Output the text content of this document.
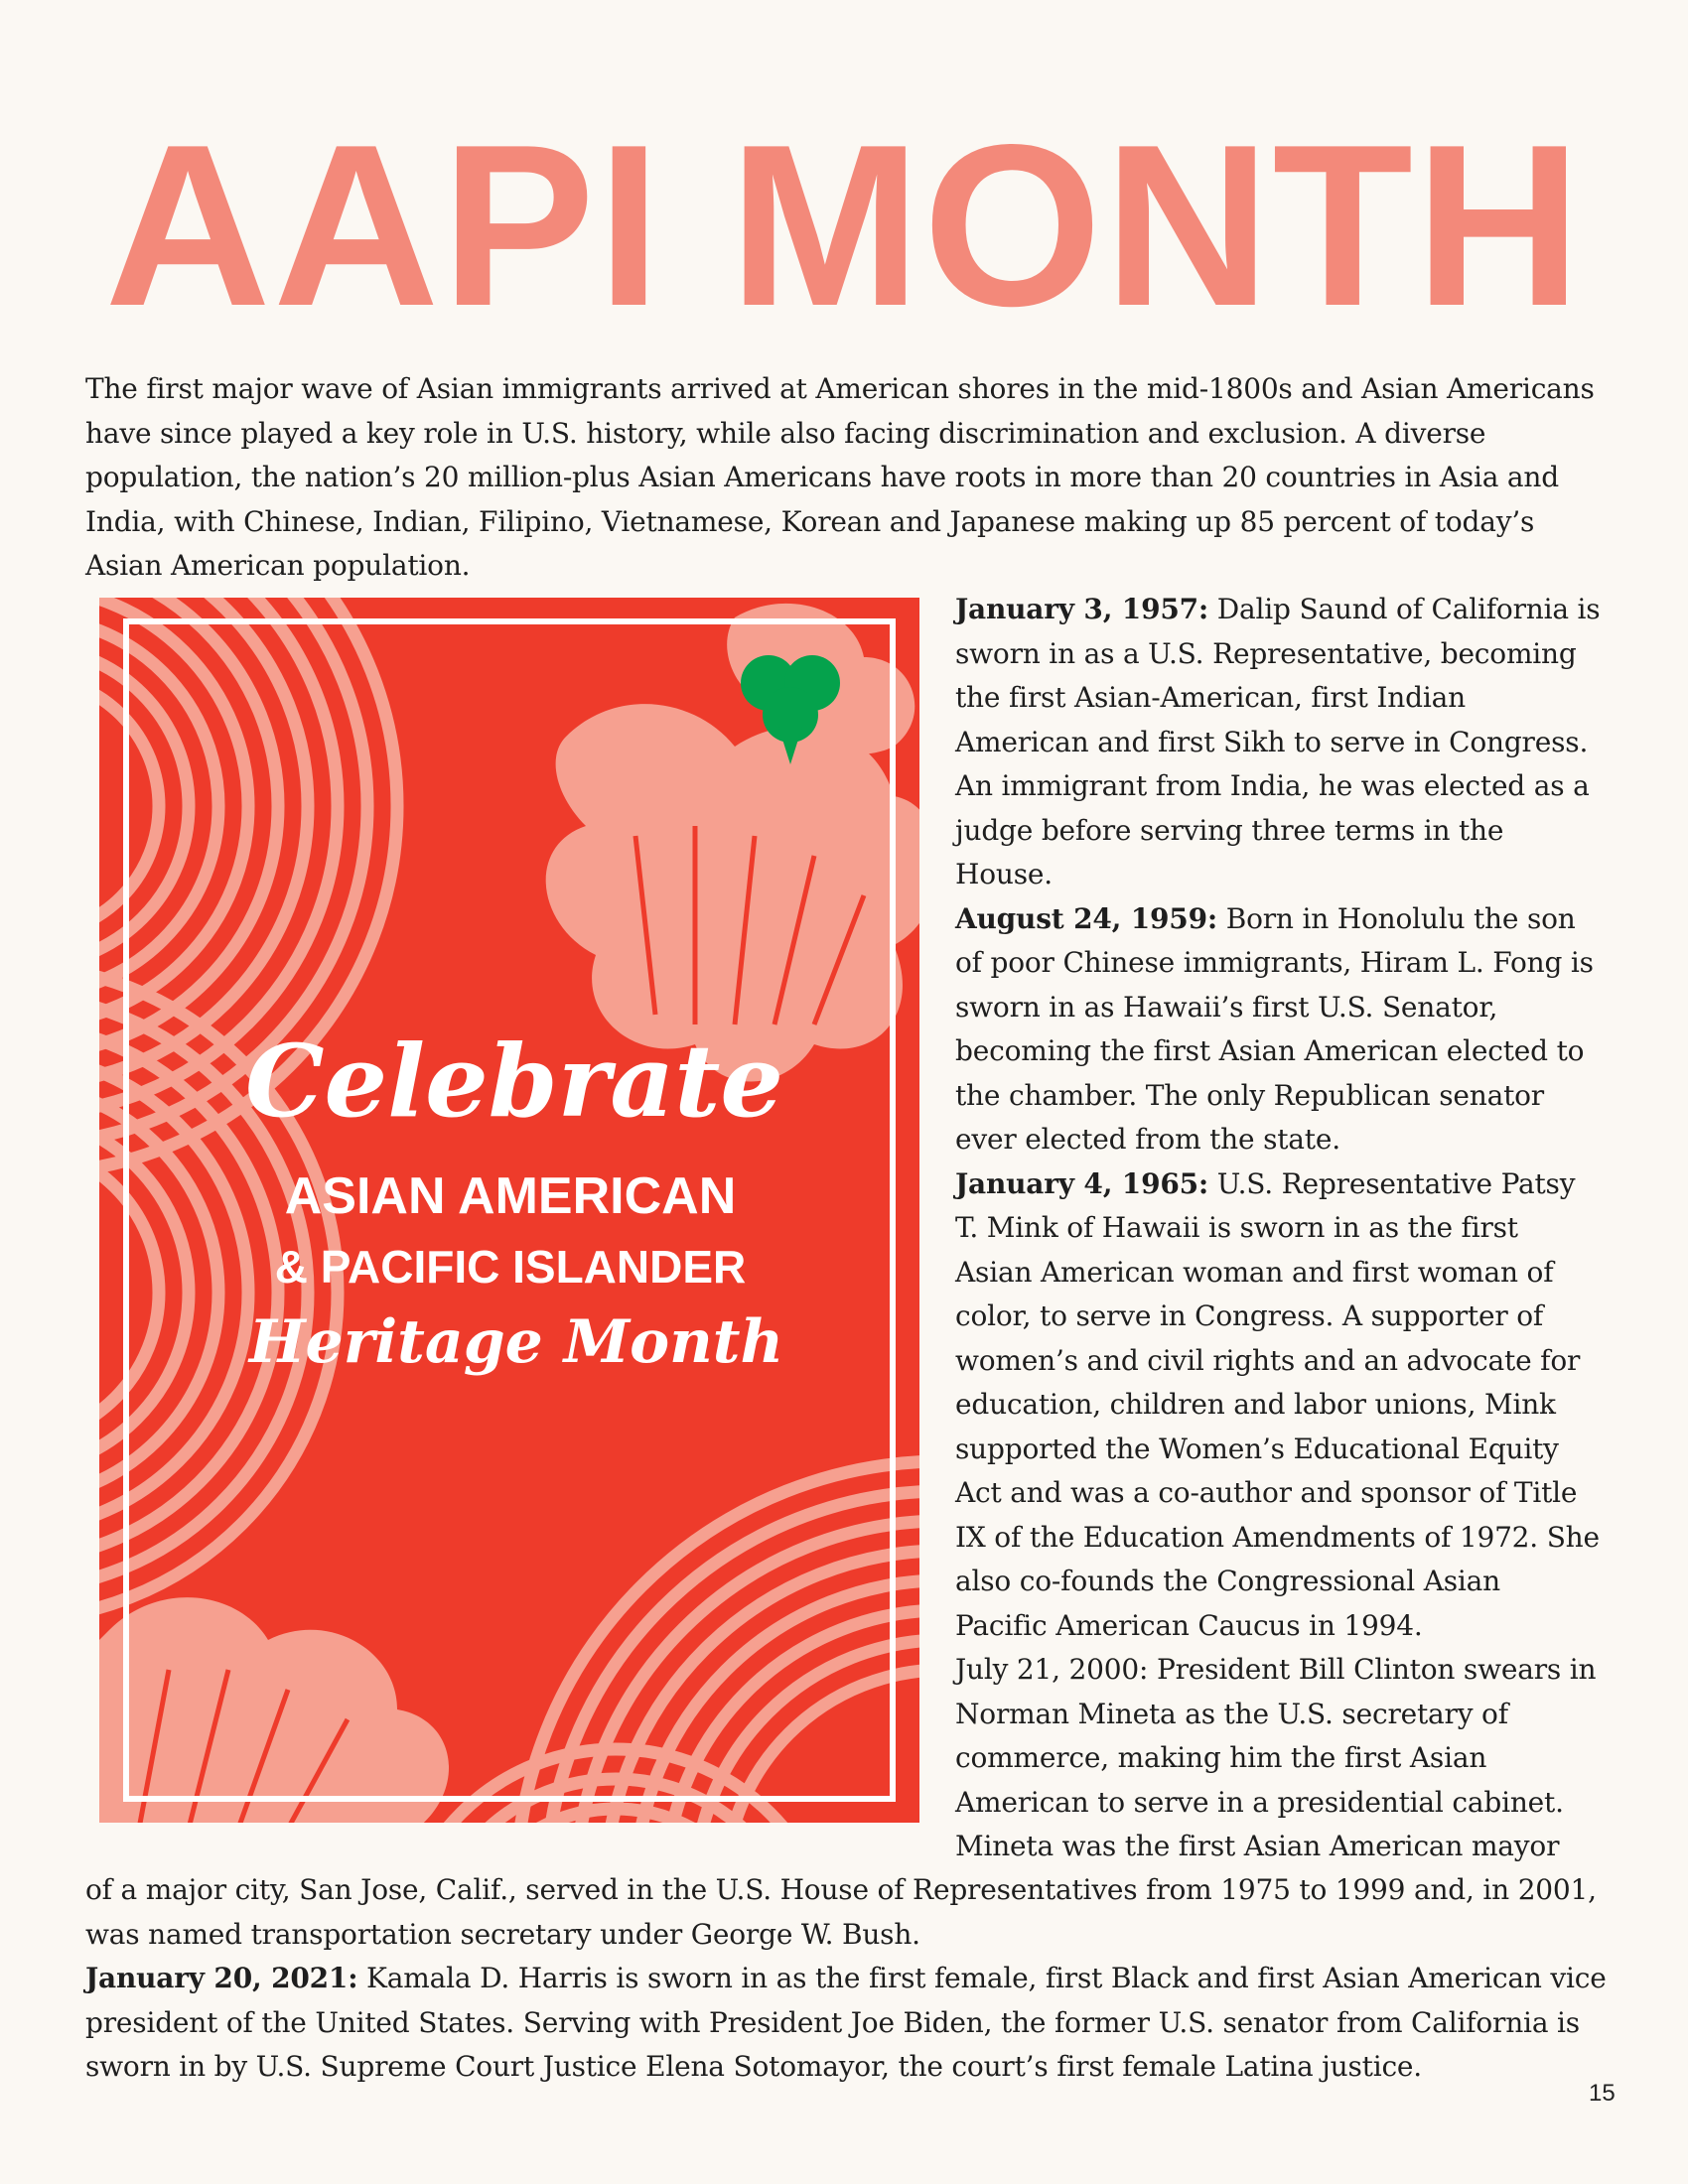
AAPI MONTH

The first major wave of Asian immigrants arrived at American shores in the mid-1800s and Asian Americans have since played a key role in U.S. history, while also facing discrimination and exclusion. A diverse population, the nation’s 20 million-plus Asian Americans have roots in more than 20 countries in Asia and India, with Chinese, Indian, Filipino, Vietnamese, Korean and Japanese making up 85 percent of today’s Asian American population.

Celebrate
ASIAN AMERICAN
& PACIFIC ISLANDER
Heritage Month

January 3, 1957: Dalip Saund of California is sworn in as a U.S. Representative, becoming the first Asian-American, first Indian American and first Sikh to serve in Congress. An immigrant from India, he was elected as a judge before serving three terms in the House.
August 24, 1959: Born in Honolulu the son of poor Chinese immigrants, Hiram L. Fong is sworn in as Hawaii’s first U.S. Senator, becoming the first Asian American elected to the chamber. The only Republican senator ever elected from the state.
January 4, 1965: U.S. Representative Patsy T. Mink of Hawaii is sworn in as the first Asian American woman and first woman of color, to serve in Congress. A supporter of women’s and civil rights and an advocate for education, children and labor unions, Mink supported the Women’s Educational Equity Act and was a co-author and sponsor of Title IX of the Education Amendments of 1972. She also co-founds the Congressional Asian Pacific American Caucus in 1994.
July 21, 2000: President Bill Clinton swears in Norman Mineta as the U.S. secretary of commerce, making him the first Asian American to serve in a presidential cabinet. Mineta was the first Asian American mayor

of a major city, San Jose, Calif., served in the U.S. House of Representatives from 1975 to 1999 and, in 2001, was named transportation secretary under George W. Bush.
January 20, 2021: Kamala D. Harris is sworn in as the first female, first Black and first Asian American vice president of the United States. Serving with President Joe Biden, the former U.S. senator from California is sworn in by U.S. Supreme Court Justice Elena Sotomayor, the court’s first female Latina justice.

15
